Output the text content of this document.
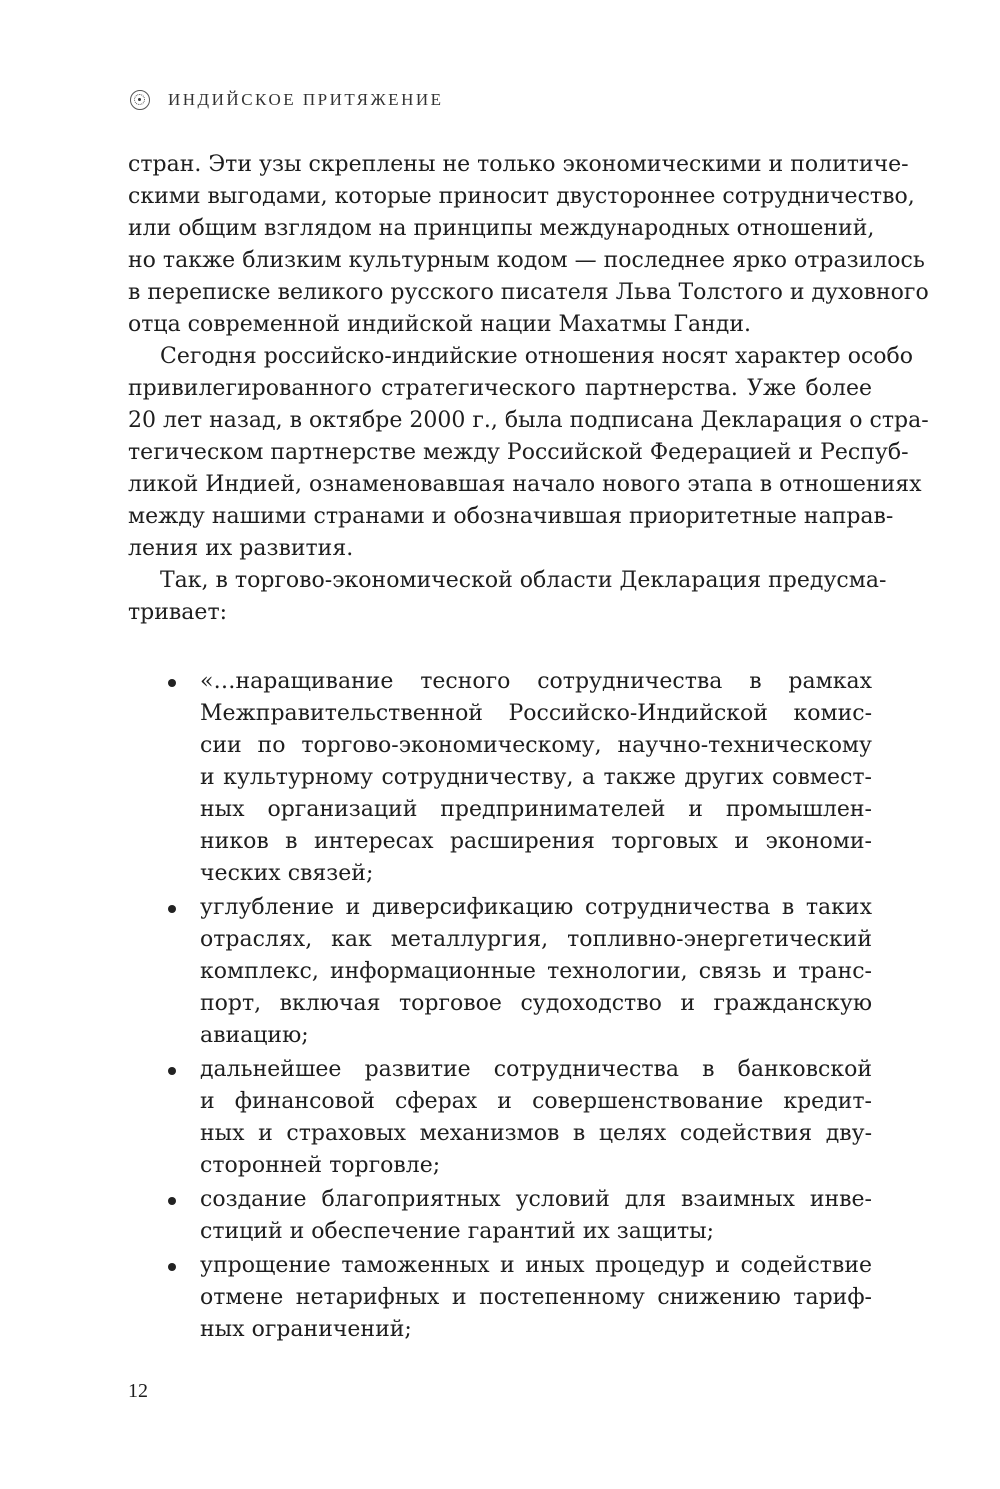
ИНДИЙСКОЕ ПРИТЯЖЕНИЕ
стран. Эти узы скреплены не только экономическими и политиче-
скими выгодами, которые приносит двустороннее сотрудничество,
или общим взглядом на принципы международных отношений,
но также близким культурным кодом — последнее ярко отразилось
в переписке великого русского писателя Льва Толстого и духовного
отца современной индийской нации Махатмы Ганди.
Сегодня российско-индийские отношения носят характер особо
привилегированного стратегического партнерства. Уже более
20 лет назад, в октябре 2000 г., была подписана Декларация о стра-
тегическом партнерстве между Российской Федерацией и Респуб-
ликой Индией, ознаменовавшая начало нового этапа в отношениях
между нашими странами и обозначившая приоритетные направ-
ления их развития.
Так, в торгово-экономической области Декларация предусма-
тривает:
«…наращивание тесного сотрудничества в рамках
Межправительственной Российско-Индийской комис-
сии по торгово-экономическому, научно-техническому
и культурному сотрудничеству, а также других совмест-
ных организаций предпринимателей и промышлен-
ников в интересах расширения торговых и экономи-
ческих связей;
углубление и диверсификацию сотрудничества в таких
отраслях, как металлургия, топливно-энергетический
комплекс, информационные технологии, связь и транс-
порт, включая торговое судоходство и гражданскую
авиацию;
дальнейшее развитие сотрудничества в банковской
и финансовой сферах и совершенствование кредит-
ных и страховых механизмов в целях содействия дву-
сторонней торговле;
создание благоприятных условий для взаимных инве-
стиций и обеспечение гарантий их защиты;
упрощение таможенных и иных процедур и содействие
отмене нетарифных и постепенному снижению тариф-
ных ограничений;
12
